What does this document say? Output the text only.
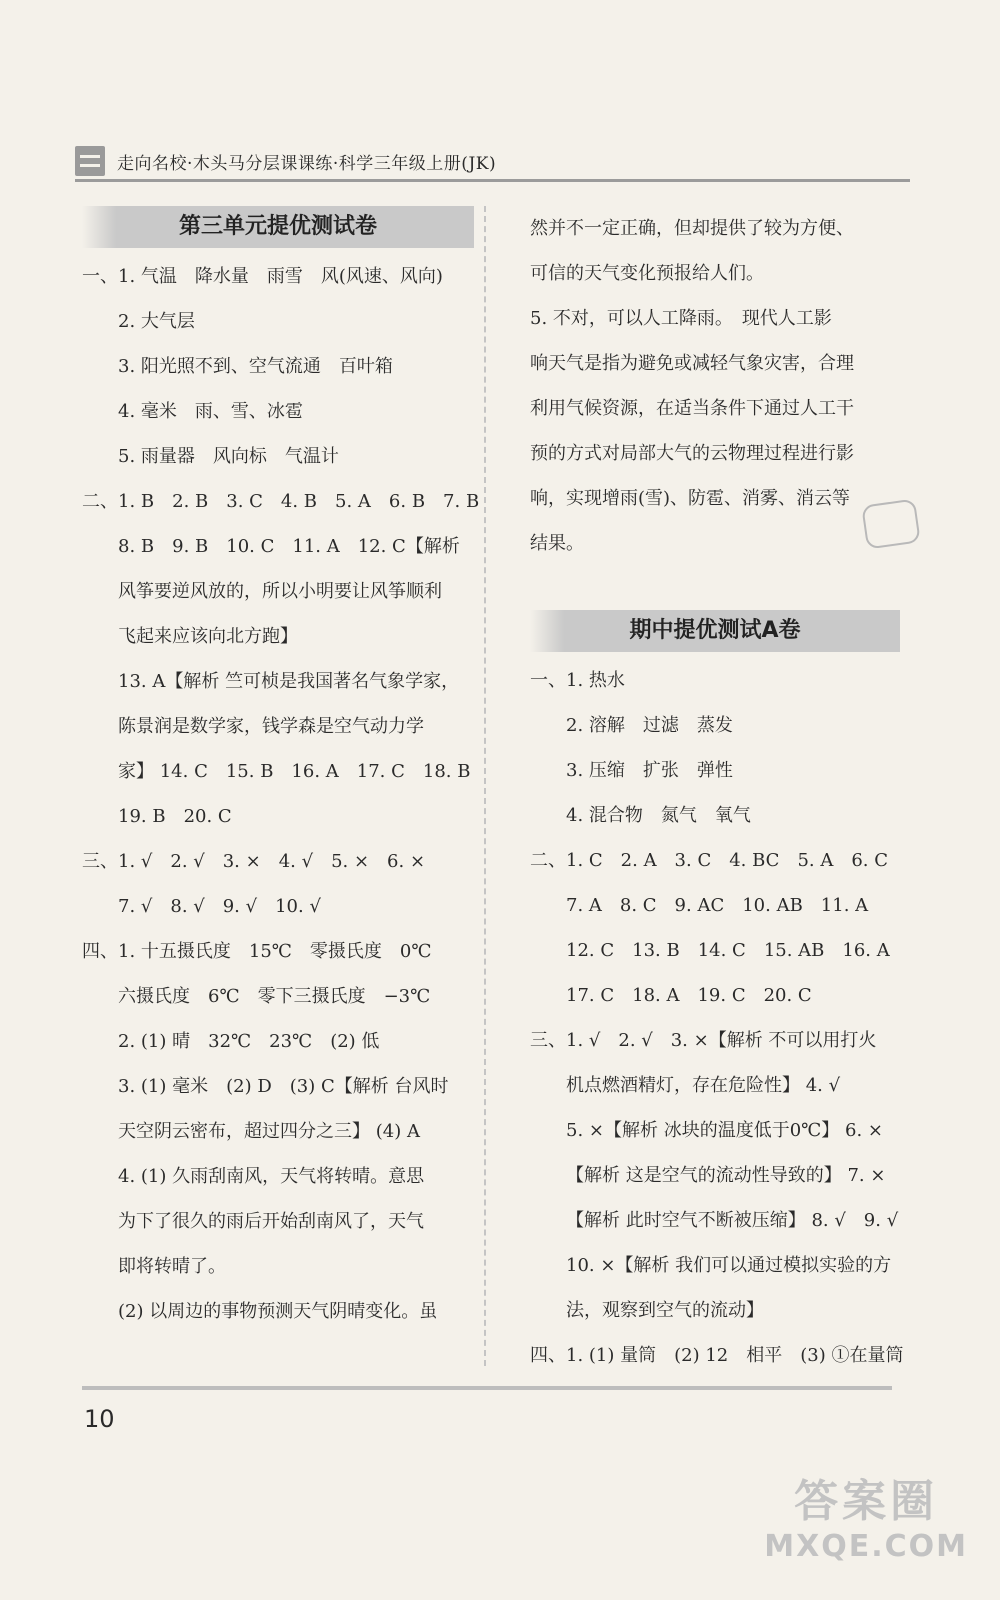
走向名校·木头马分层课课练·科学三年级上册(JK)
第三单元提优测试卷
一、1. 气温　降水量　雨雪　风(风速、风向)
2. 大气层
3. 阳光照不到、空气流通　百叶箱
4. 毫米　雨、雪、冰雹
5. 雨量器　风向标　气温计
二、1. B　2. B　3. C　4. B　5. A　6. B　7. B
8. B　9. B　10. C　11. A　12. C【解析
风筝要逆风放的，所以小明要让风筝顺利
飞起来应该向北方跑】
13. A【解析 竺可桢是我国著名气象学家，
陈景润是数学家，钱学森是空气动力学
家】 14. C　15. B　16. A　17. C　18. B
19. B　20. C
三、1. √　2. √　3. ×　4. √　5. ×　6. ×
7. √　8. √　9. √　10. √
四、1. 十五摄氏度　15℃　零摄氏度　0℃
六摄氏度　6℃　零下三摄氏度　−3℃
2. (1) 晴　32℃　23℃　(2) 低
3. (1) 毫米　(2) D　(3) C【解析 台风时
天空阴云密布，超过四分之三】 (4) A
4. (1) 久雨刮南风，天气将转晴。意思
为下了很久的雨后开始刮南风了，天气
即将转晴了。
(2) 以周边的事物预测天气阴晴变化。虽
然并不一定正确，但却提供了较为方便、
可信的天气变化预报给人们。
5. 不对，可以人工降雨。　现代人工影
响天气是指为避免或减轻气象灾害，合理
利用气候资源，在适当条件下通过人工干
预的方式对局部大气的云物理过程进行影
响，实现增雨(雪)、防雹、消雾、消云等
结果。
期中提优测试A卷
一、1. 热水
2. 溶解　过滤　蒸发
3. 压缩　扩张　弹性
4. 混合物　氮气　氧气
二、1. C　2. A　3. C　4. BC　5. A　6. C
7. A　8. C　9. AC　10. AB　11. A
12. C　13. B　14. C　15. AB　16. A
17. C　18. A　19. C　20. C
三、1. √　2. √　3. ×【解析 不可以用打火
机点燃酒精灯，存在危险性】 4. √
5. ×【解析 冰块的温度低于0℃】 6. ×
【解析 这是空气的流动性导致的】 7. ×
【解析 此时空气不断被压缩】 8. √　9. √
10. ×【解析 我们可以通过模拟实验的方
法，观察到空气的流动】
四、1. (1) 量筒　(2) 12　相平　(3) ①在量筒
10
答案圈
MXQE.COM
